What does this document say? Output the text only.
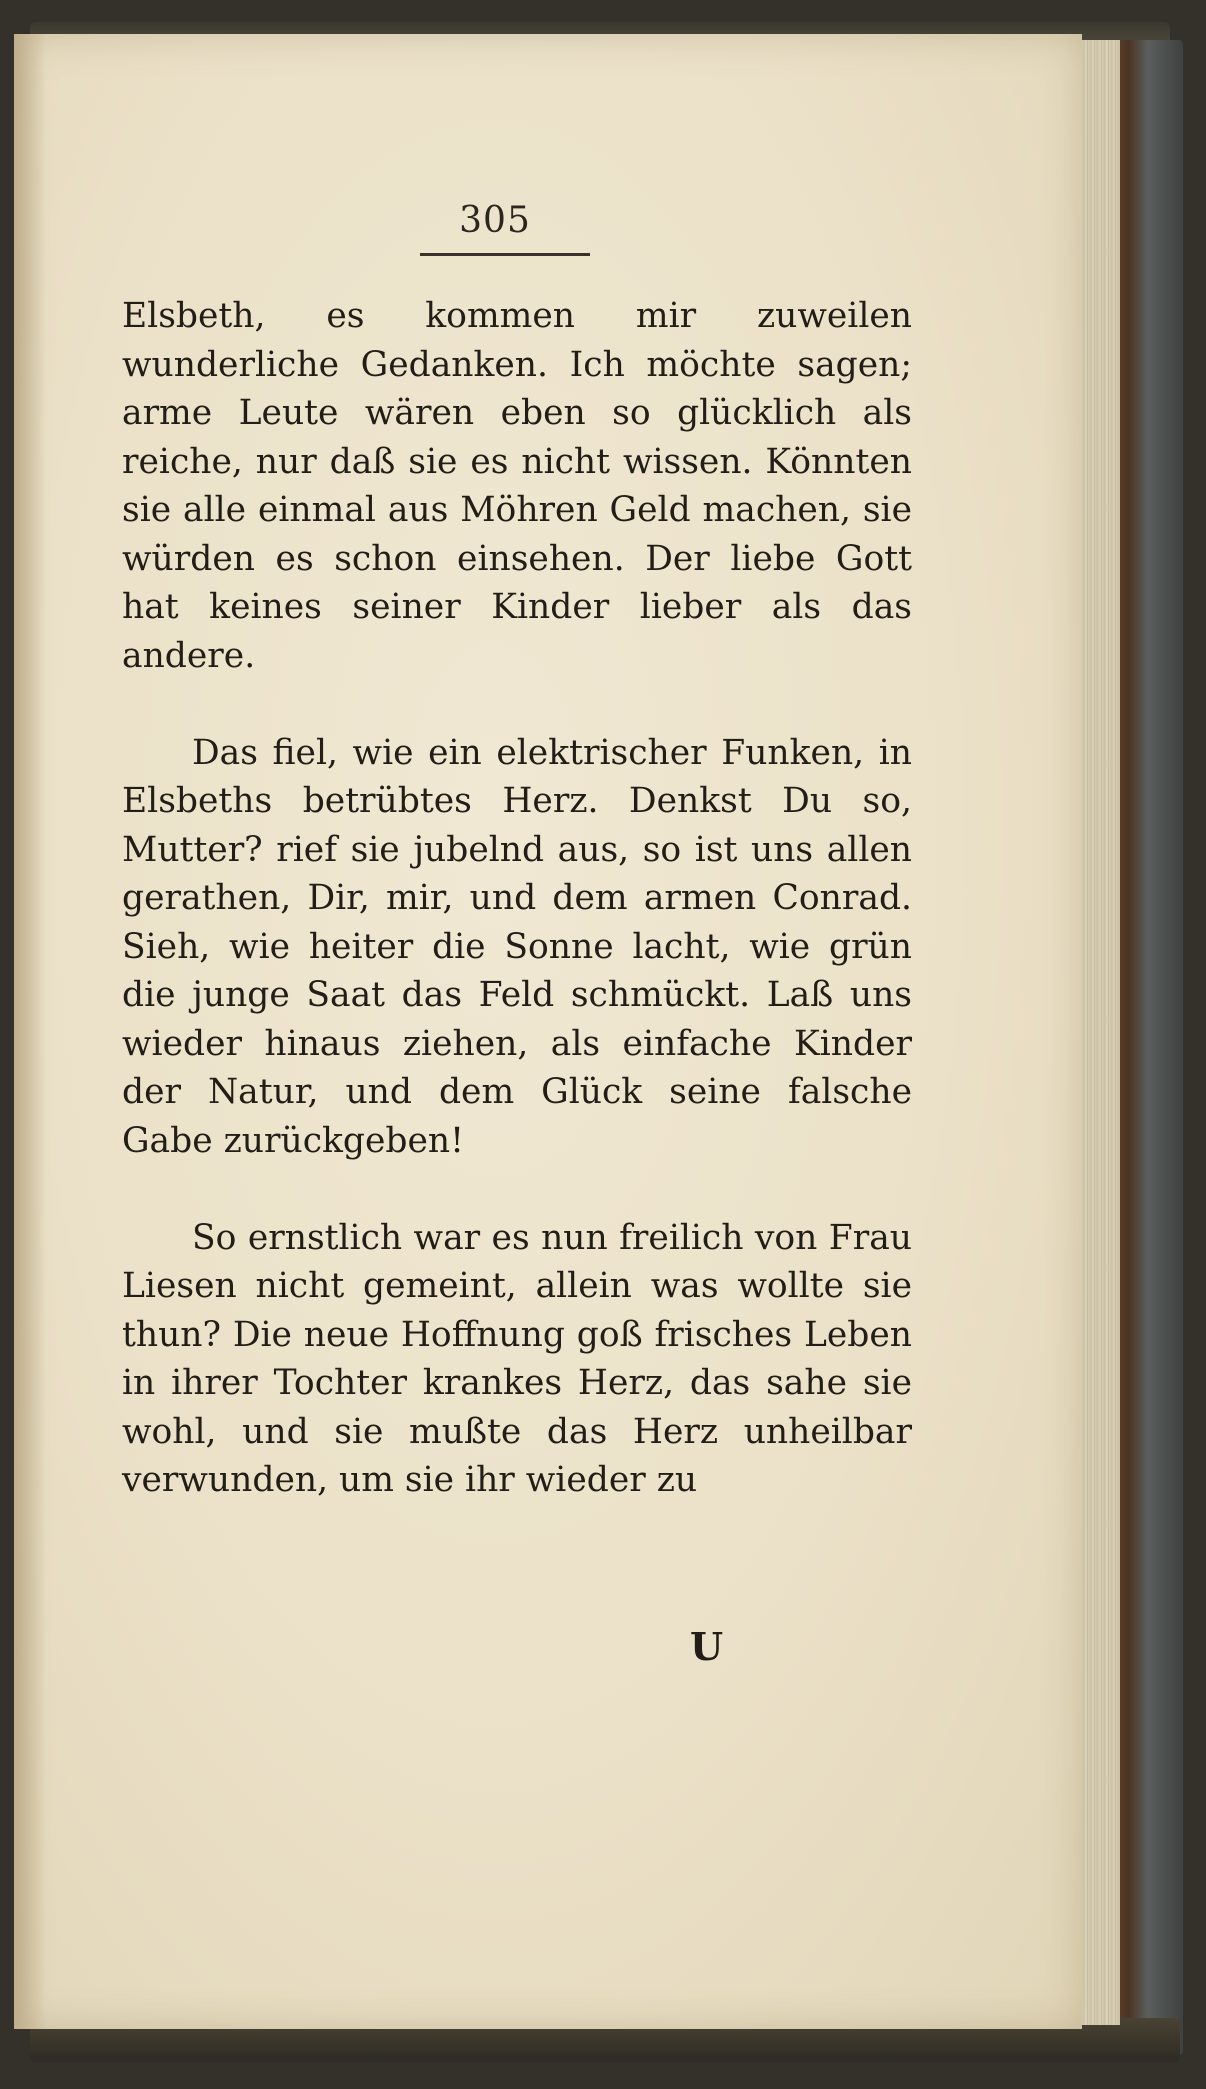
305

Elsbeth, es kommen mir zuweilen wunderliche Gedanken. Ich möchte sagen; arme Leute wären eben so glücklich als reiche, nur daß sie es nicht wissen. Könnten sie alle einmal aus Möhren Geld machen, sie würden es schon einsehen. Der liebe Gott hat keines seiner Kinder lieber als das andere.

Das fiel, wie ein elektrischer Funken, in Elsbeths betrübtes Herz. Denkst Du so, Mutter? rief sie jubelnd aus, so ist uns allen gerathen, Dir, mir, und dem armen Conrad. Sieh, wie heiter die Sonne lacht, wie grün die junge Saat das Feld schmückt. Laß uns wieder hinaus ziehen, als einfache Kinder der Natur, und dem Glück seine falsche Gabe zurückgeben!

So ernstlich war es nun freilich von Frau Liesen nicht gemeint, allein was wollte sie thun? Die neue Hoffnung goß frisches Leben in ihrer Tochter krankes Herz, das sahe sie wohl, und sie mußte das Herz unheilbar verwunden, um sie ihr wieder zu

U
